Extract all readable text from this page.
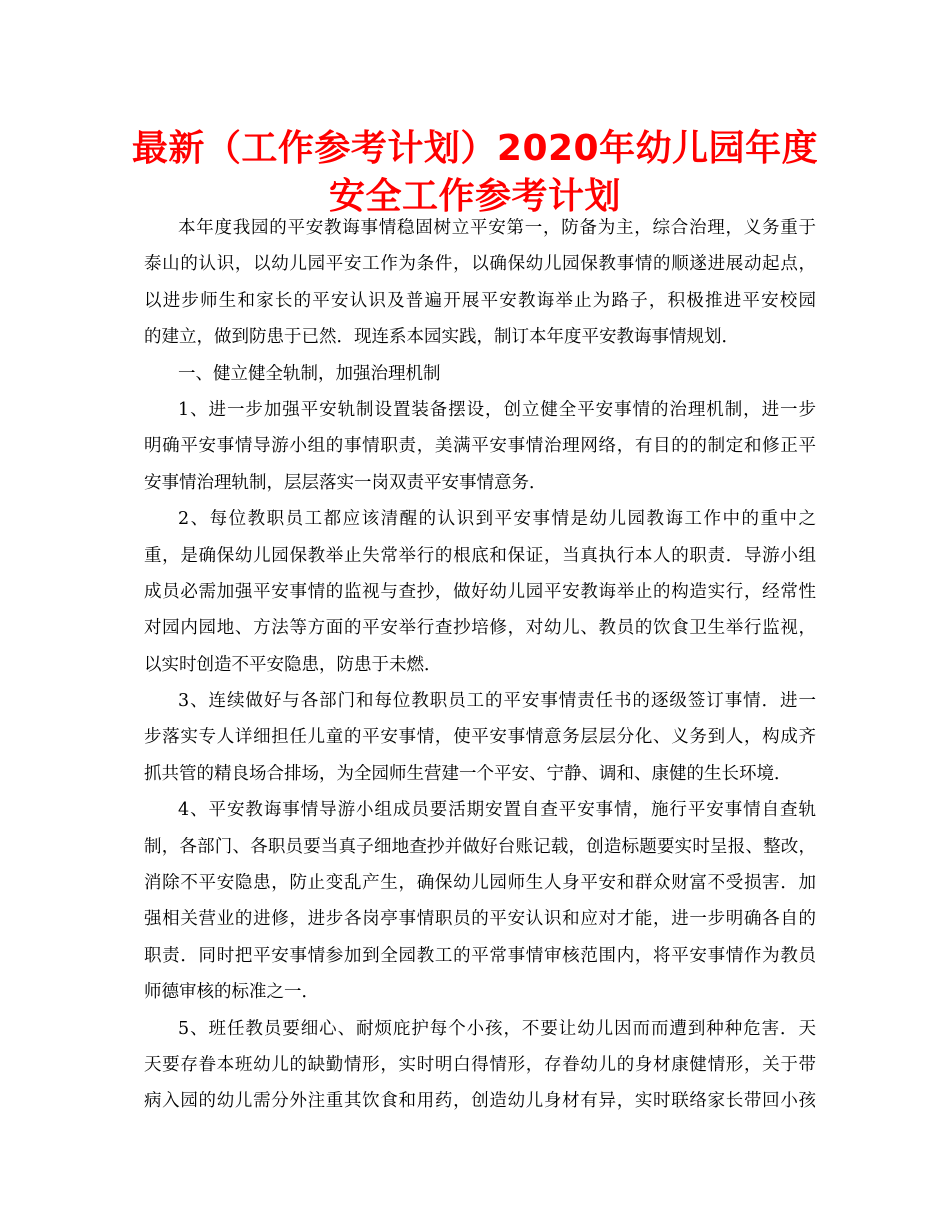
最新（工作参考计划）2020年幼儿园年度
安全工作参考计划
本年度我园的平安教诲事情稳固树立平安第一，防备为主，综合治理，义务重于
泰山的认识，以幼儿园平安工作为条件，以确保幼儿园保教事情的顺遂进展动起点，
以进步师生和家长的平安认识及普遍开展平安教诲举止为路子，积极推进平安校园
的建立，做到防患于已然．现连系本园实践，制订本年度平安教诲事情规划．
一、健立健全轨制，加强治理机制
1、进一步加强平安轨制设置装备摆设，创立健全平安事情的治理机制，进一步
明确平安事情导游小组的事情职责，美满平安事情治理网络，有目的的制定和修正平
安事情治理轨制，层层落实一岗双责平安事情意务．
2、每位教职员工都应该清醒的认识到平安事情是幼儿园教诲工作中的重中之
重，是确保幼儿园保教举止失常举行的根底和保证，当真执行本人的职责．导游小组
成员必需加强平安事情的监视与查抄，做好幼儿园平安教诲举止的构造实行，经常性
对园内园地、方法等方面的平安举行查抄培修，对幼儿、教员的饮食卫生举行监视，
以实时创造不平安隐患，防患于未燃．
3、连续做好与各部门和每位教职员工的平安事情责任书的逐级签订事情．进一
步落实专人详细担任儿童的平安事情，使平安事情意务层层分化、义务到人，构成齐
抓共管的精良场合排场，为全园师生营建一个平安、宁静、调和、康健的生长环境．
4、平安教诲事情导游小组成员要活期安置自查平安事情，施行平安事情自查轨
制，各部门、各职员要当真子细地查抄并做好台账记载，创造标题要实时呈报、整改，
消除不平安隐患，防止变乱产生，确保幼儿园师生人身平安和群众财富不受损害．加
强相关营业的进修，进步各岗亭事情职员的平安认识和应对才能，进一步明确各自的
职责．同时把平安事情参加到全园教工的平常事情审核范围内，将平安事情作为教员
师德审核的标准之一．
5、班任教员要细心、耐烦庇护每个小孩，不要让幼儿因而而遭到种种危害．天
天要存眷本班幼儿的缺勤情形，实时明白得情形，存眷幼儿的身材康健情形，关于带
病入园的幼儿需分外注重其饮食和用药，创造幼儿身材有异，实时联络家长带回小孩
